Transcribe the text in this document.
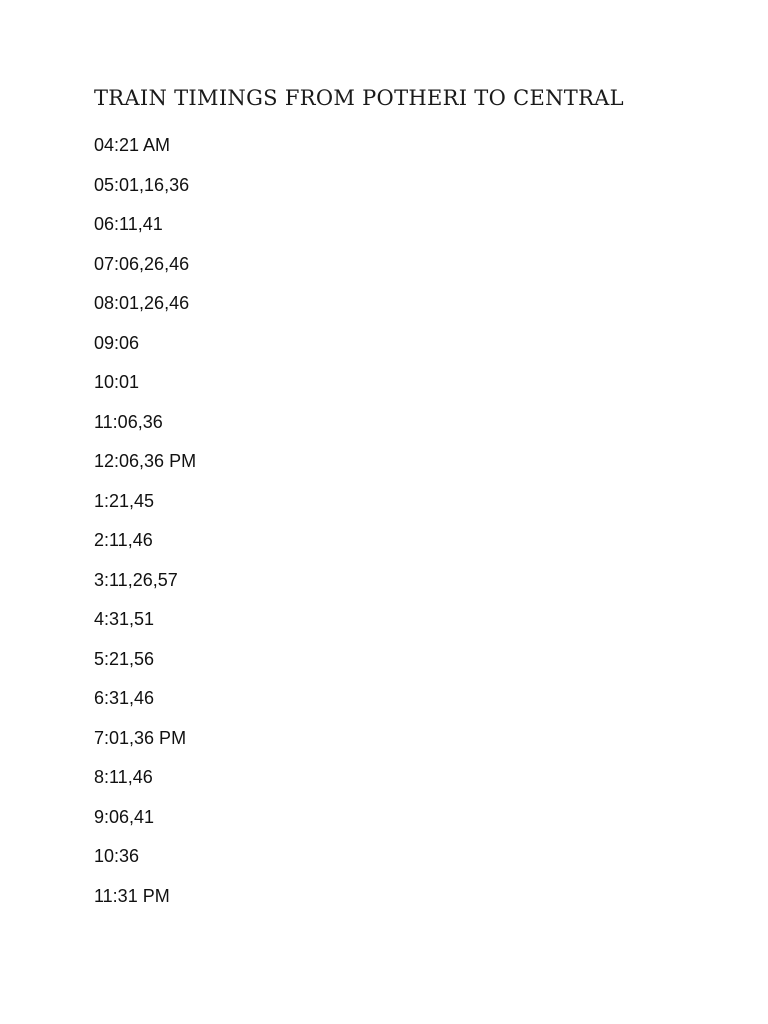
TRAIN TIMINGS FROM POTHERI TO CENTRAL
04:21 AM
05:01,16,36
06:11,41
07:06,26,46
08:01,26,46
09:06
10:01
11:06,36
12:06,36 PM
1:21,45
2:11,46
3:11,26,57
4:31,51
5:21,56
6:31,46
7:01,36 PM
8:11,46
9:06,41
10:36
11:31 PM
